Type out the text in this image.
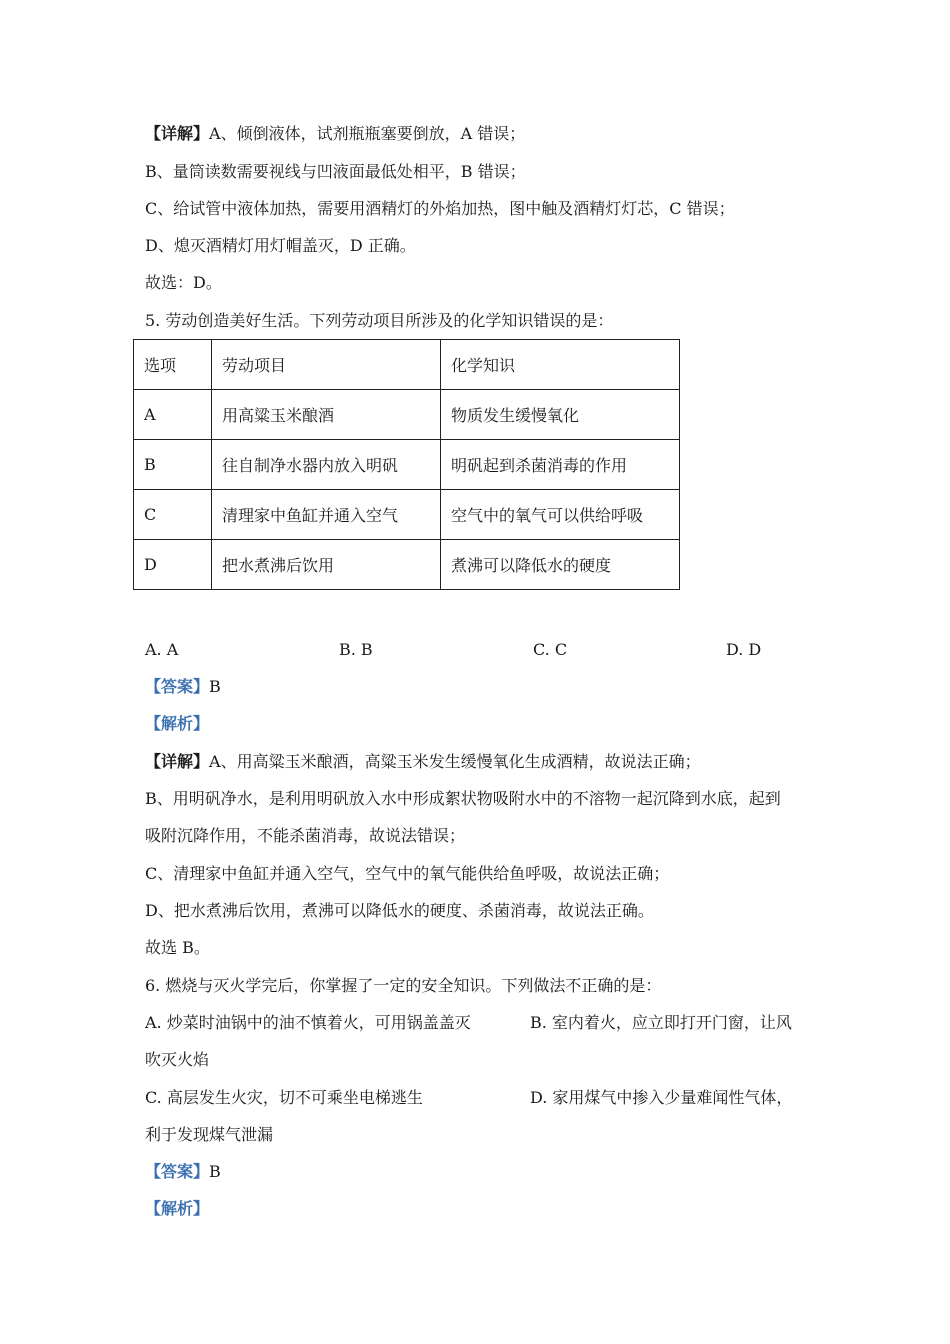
【详解】A、倾倒液体，试剂瓶瓶塞要倒放，A 错误；
B、量筒读数需要视线与凹液面最低处相平，B 错误；
C、给试管中液体加热，需要用酒精灯的外焰加热，图中触及酒精灯灯芯，C 错误；
D、熄灭酒精灯用灯帽盖灭，D 正确。
故选：D。
5. 劳动创造美好生活。下列劳动项目所涉及的化学知识错误的是：
选项	劳动项目	化学知识
A	用高粱玉米酿酒	物质发生缓慢氧化
B	往自制净水器内放入明矾	明矾起到杀菌消毒的作用
C	清理家中鱼缸并通入空气	空气中的氧气可以供给呼吸
D	把水煮沸后饮用	煮沸可以降低水的硬度
A. A	B. B	C. C	D. D
【答案】B
【解析】
【详解】A、用高粱玉米酿酒，高粱玉米发生缓慢氧化生成酒精，故说法正确；
B、用明矾净水，是利用明矾放入水中形成絮状物吸附水中的不溶物一起沉降到水底，起到
吸附沉降作用，不能杀菌消毒，故说法错误；
C、清理家中鱼缸并通入空气，空气中的氧气能供给鱼呼吸，故说法正确；
D、把水煮沸后饮用，煮沸可以降低水的硬度、杀菌消毒，故说法正确。
故选 B。
6. 燃烧与灭火学完后，你掌握了一定的安全知识。下列做法不正确的是：
A. 炒菜时油锅中的油不慎着火，可用锅盖盖灭	B. 室内着火，应立即打开门窗，让风
吹灭火焰
C. 高层发生火灾，切不可乘坐电梯逃生	D. 家用煤气中掺入少量难闻性气体，
利于发现煤气泄漏
【答案】B
【解析】
